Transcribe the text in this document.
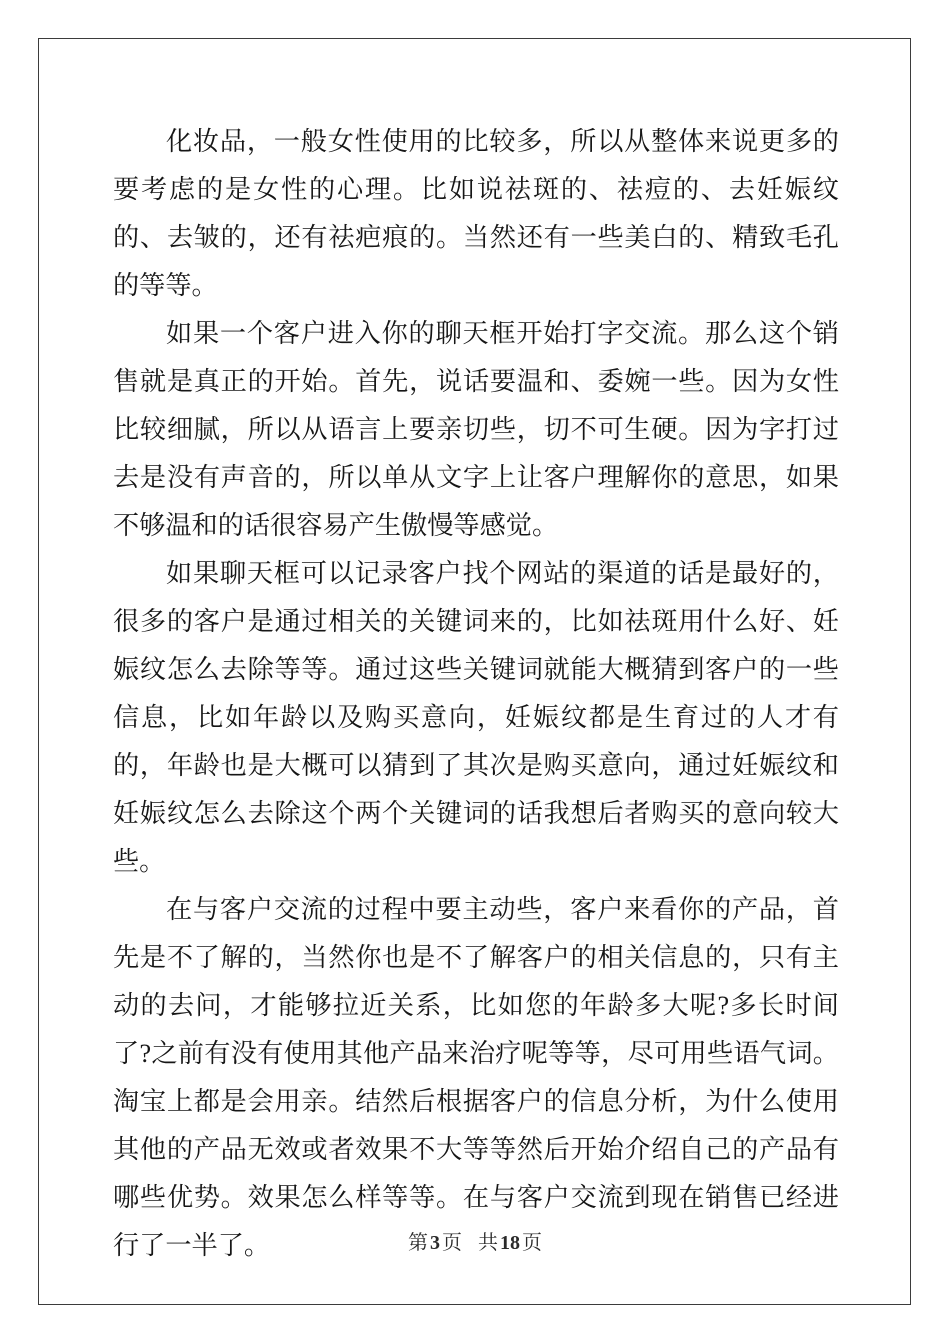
化妆品，一般女性使用的比较多，所以从整体来说更多的要考虑的是女性的心理。比如说祛斑的、祛痘的、去妊娠纹的、去皱的，还有祛疤痕的。当然还有一些美白的、精致毛孔的等等。

如果一个客户进入你的聊天框开始打字交流。那么这个销售就是真正的开始。首先，说话要温和、委婉一些。因为女性比较细腻，所以从语言上要亲切些，切不可生硬。因为字打过去是没有声音的，所以单从文字上让客户理解你的意思，如果不够温和的话很容易产生傲慢等感觉。

如果聊天框可以记录客户找个网站的渠道的话是最好的，很多的客户是通过相关的关键词来的，比如祛斑用什么好、妊娠纹怎么去除等等。通过这些关键词就能大概猜到客户的一些信息，比如年龄以及购买意向，妊娠纹都是生育过的人才有的，年龄也是大概可以猜到了其次是购买意向，通过妊娠纹和妊娠纹怎么去除这个两个关键词的话我想后者购买的意向较大些。

在与客户交流的过程中要主动些，客户来看你的产品，首先是不了解的，当然你也是不了解客户的相关信息的，只有主动的去问，才能够拉近关系，比如您的年龄多大呢?多长时间了?之前有没有使用其他产品来治疗呢等等，尽可用些语气词。淘宝上都是会用亲。结然后根据客户的信息分析，为什么使用其他的产品无效或者效果不大等等然后开始介绍自己的产品有哪些优势。效果怎么样等等。在与客户交流到现在销售已经进行了一半了。	第 3 页 共 18 页
